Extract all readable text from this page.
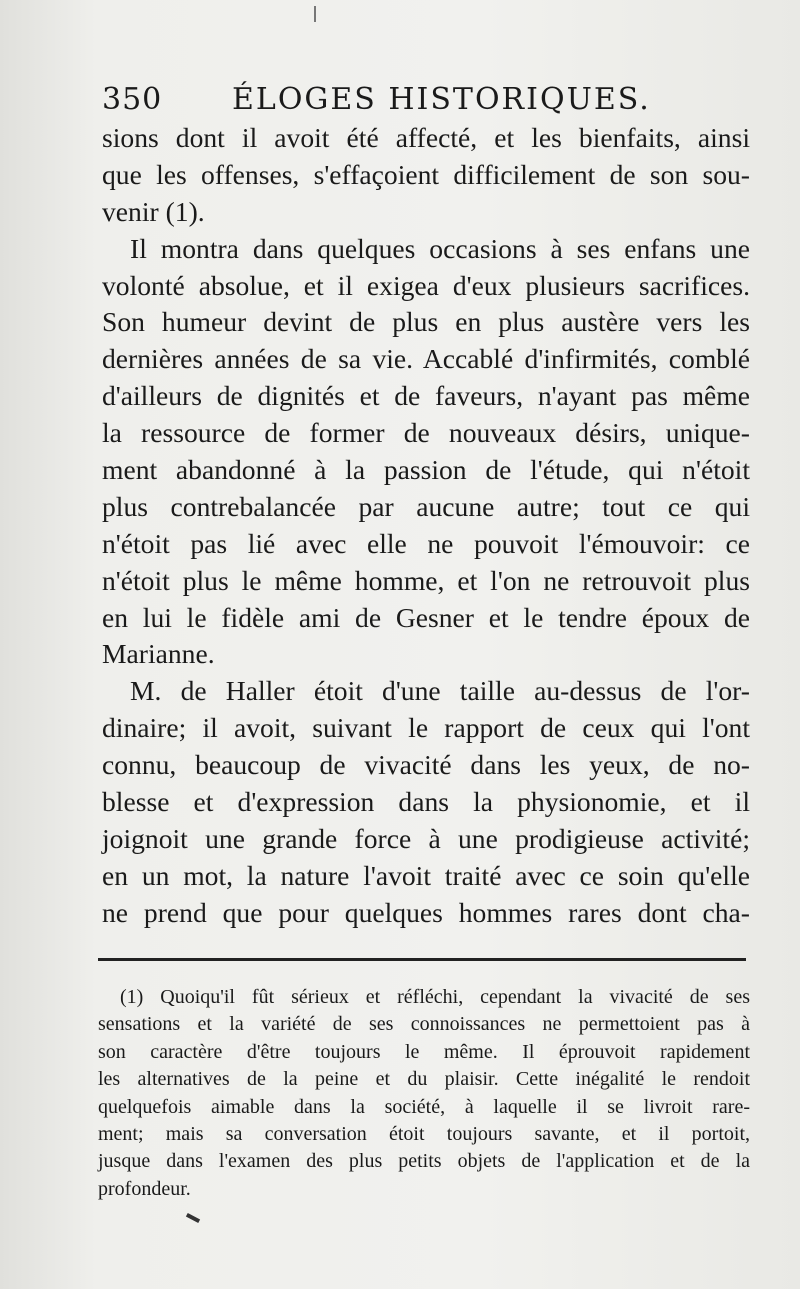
350 ÉLOGES HISTORIQUES.
sions dont il avoit été affecté, et les bienfaits, ainsi
que les offenses, s'effaçoient difficilement de son sou-
venir (1).
Il montra dans quelques occasions à ses enfans une
volonté absolue, et il exigea d'eux plusieurs sacrifices.
Son humeur devint de plus en plus austère vers les
dernières années de sa vie. Accablé d'infirmités, comblé
d'ailleurs de dignités et de faveurs, n'ayant pas même
la ressource de former de nouveaux désirs, unique-
ment abandonné à la passion de l'étude, qui n'étoit
plus contrebalancée par aucune autre; tout ce qui
n'étoit pas lié avec elle ne pouvoit l'émouvoir: ce
n'étoit plus le même homme, et l'on ne retrouvoit plus
en lui le fidèle ami de Gesner et le tendre époux de
Marianne.
M. de Haller étoit d'une taille au-dessus de l'or-
dinaire; il avoit, suivant le rapport de ceux qui l'ont
connu, beaucoup de vivacité dans les yeux, de no-
blesse et d'expression dans la physionomie, et il
joignoit une grande force à une prodigieuse activité;
en un mot, la nature l'avoit traité avec ce soin qu'elle
ne prend que pour quelques hommes rares dont cha-
(1) Quoiqu'il fût sérieux et réfléchi, cependant la vivacité de ses
sensations et la variété de ses connoissances ne permettoient pas à
son caractère d'être toujours le même. Il éprouvoit rapidement
les alternatives de la peine et du plaisir. Cette inégalité le rendoit
quelquefois aimable dans la société, à laquelle il se livroit rare-
ment; mais sa conversation étoit toujours savante, et il portoit,
jusque dans l'examen des plus petits objets de l'application et de la
profondeur.
